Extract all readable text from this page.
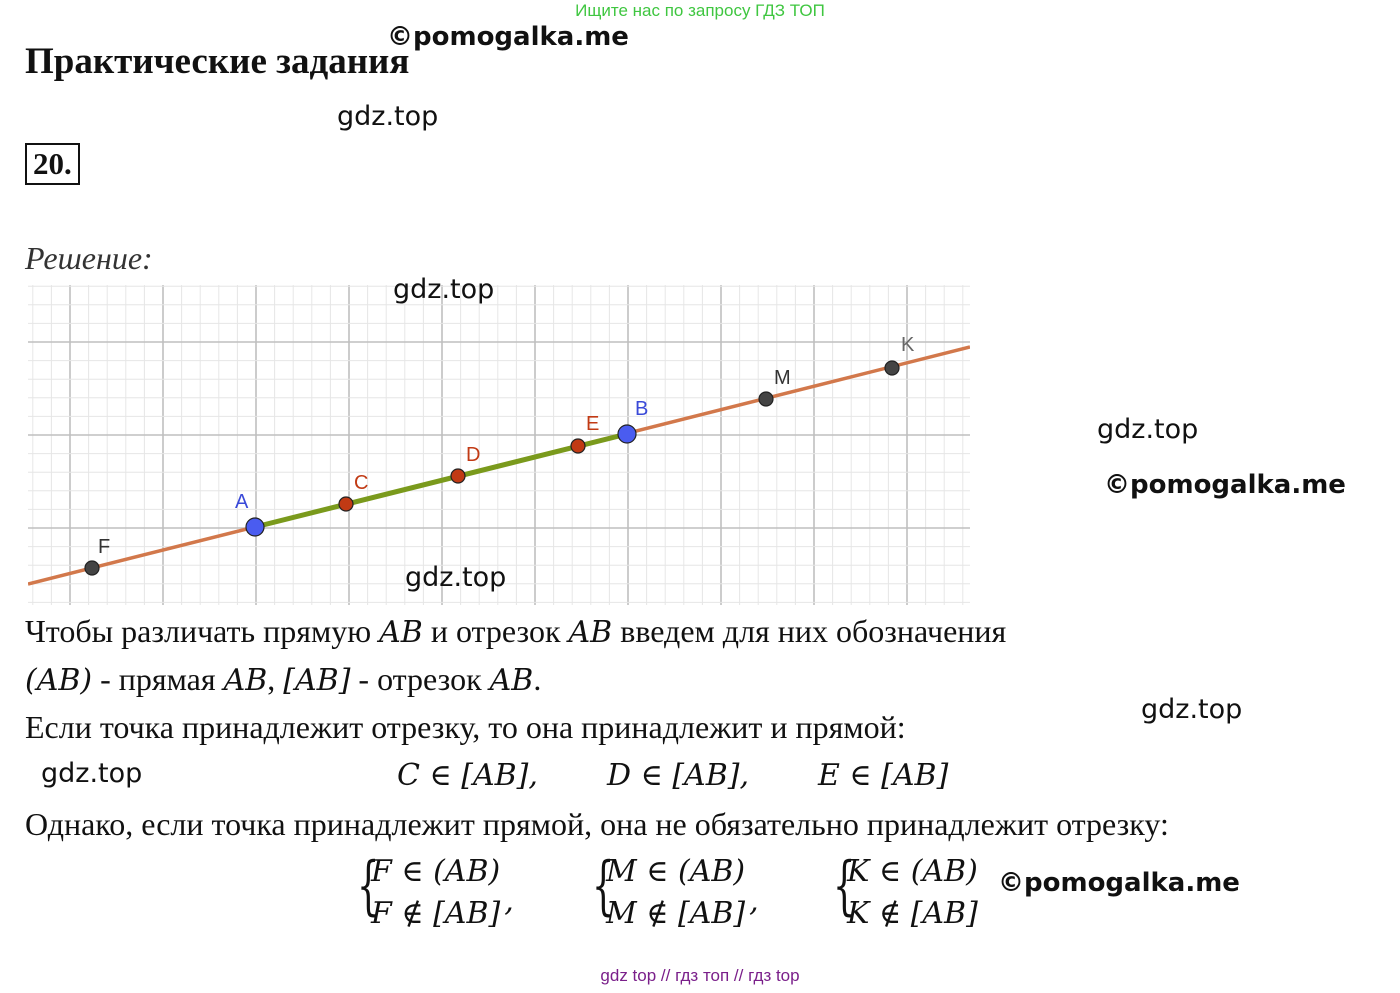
Ищите нас по запросу ГДЗ ТОП
Практические задания
©pomogalka.me
gdz.top
20.
Решение:
F
A
C
D
E
B
M
K
©pomogalka.me
gdz.top
gdz.top
gdz.top
Чтобы различать прямую AB и отрезок AB введем для них обозначения
(AB) - прямая AB, [AB] - отрезок AB.
gdz.top
Если точка принадлежит отрезку, то она принадлежит и прямой:
gdz.top	C ∈ [AB], D ∈ [AB], E ∈ [AB]
Однако, если точка принадлежит прямой, она не обязательно принадлежит отрезку:
{
F ∈ (AB)
F ∉ [AB] , {
M ∈ (AB)
M ∉ [AB] , {
K ∈ (AB)
K ∉ [AB]
©pomogalka.me
gdz top // гдз топ // гдз top
